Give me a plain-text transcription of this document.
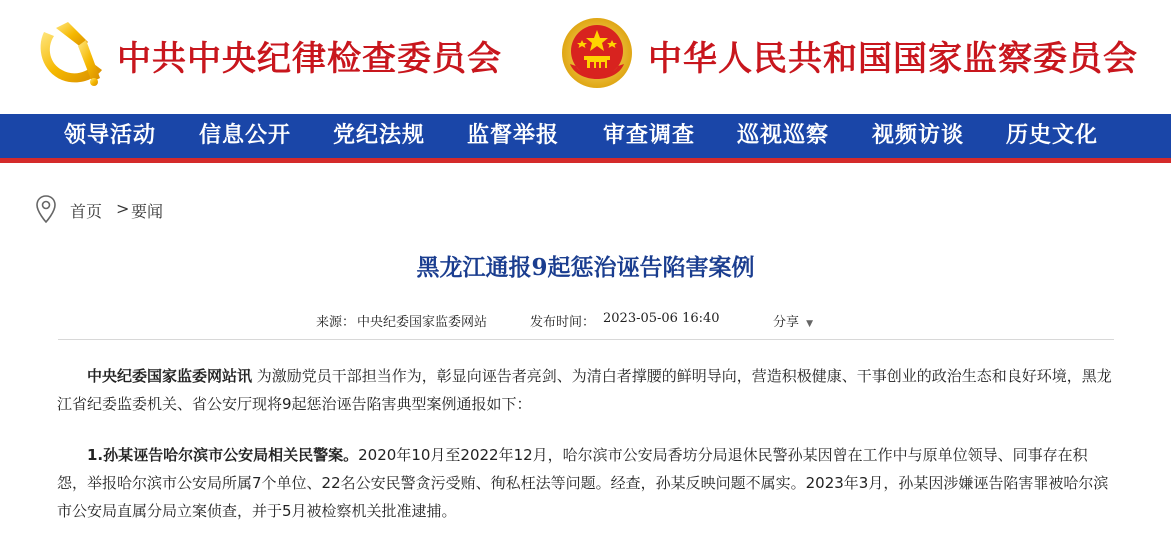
中共中央纪律检查委员会	中华人民共和国国家监察委员会
领导活动 信息公开 党纪法规 监督举报 审查调查 巡视巡察 视频访谈 历史文化
首页 > 要闻
黑龙江通报9起惩治诬告陷害案例
来源： 中央纪委国家监委网站	发布时间： 2023-05-06 16:40	分享 ▼
中央纪委国家监委网站讯 为激励党员干部担当作为，彰显向诬告者亮剑、为清白者撑腰的鲜明导向，营造积极健康、干事创业的政治生态和良好环境，黑龙江省纪委监委机关、省公安厅现将9起惩治诬告陷害典型案例通报如下：
1.孙某诬告哈尔滨市公安局相关民警案。2020年10月至2022年12月，哈尔滨市公安局香坊分局退休民警孙某因曾在工作中与原单位领导、同事存在积怨，举报哈尔滨市公安局所属7个单位、22名公安民警贪污受贿、徇私枉法等问题。经查，孙某反映问题不属实。2023年3月，孙某因涉嫌诬告陷害罪被哈尔滨市公安局直属分局立案侦查，并于5月被检察机关批准逮捕。
